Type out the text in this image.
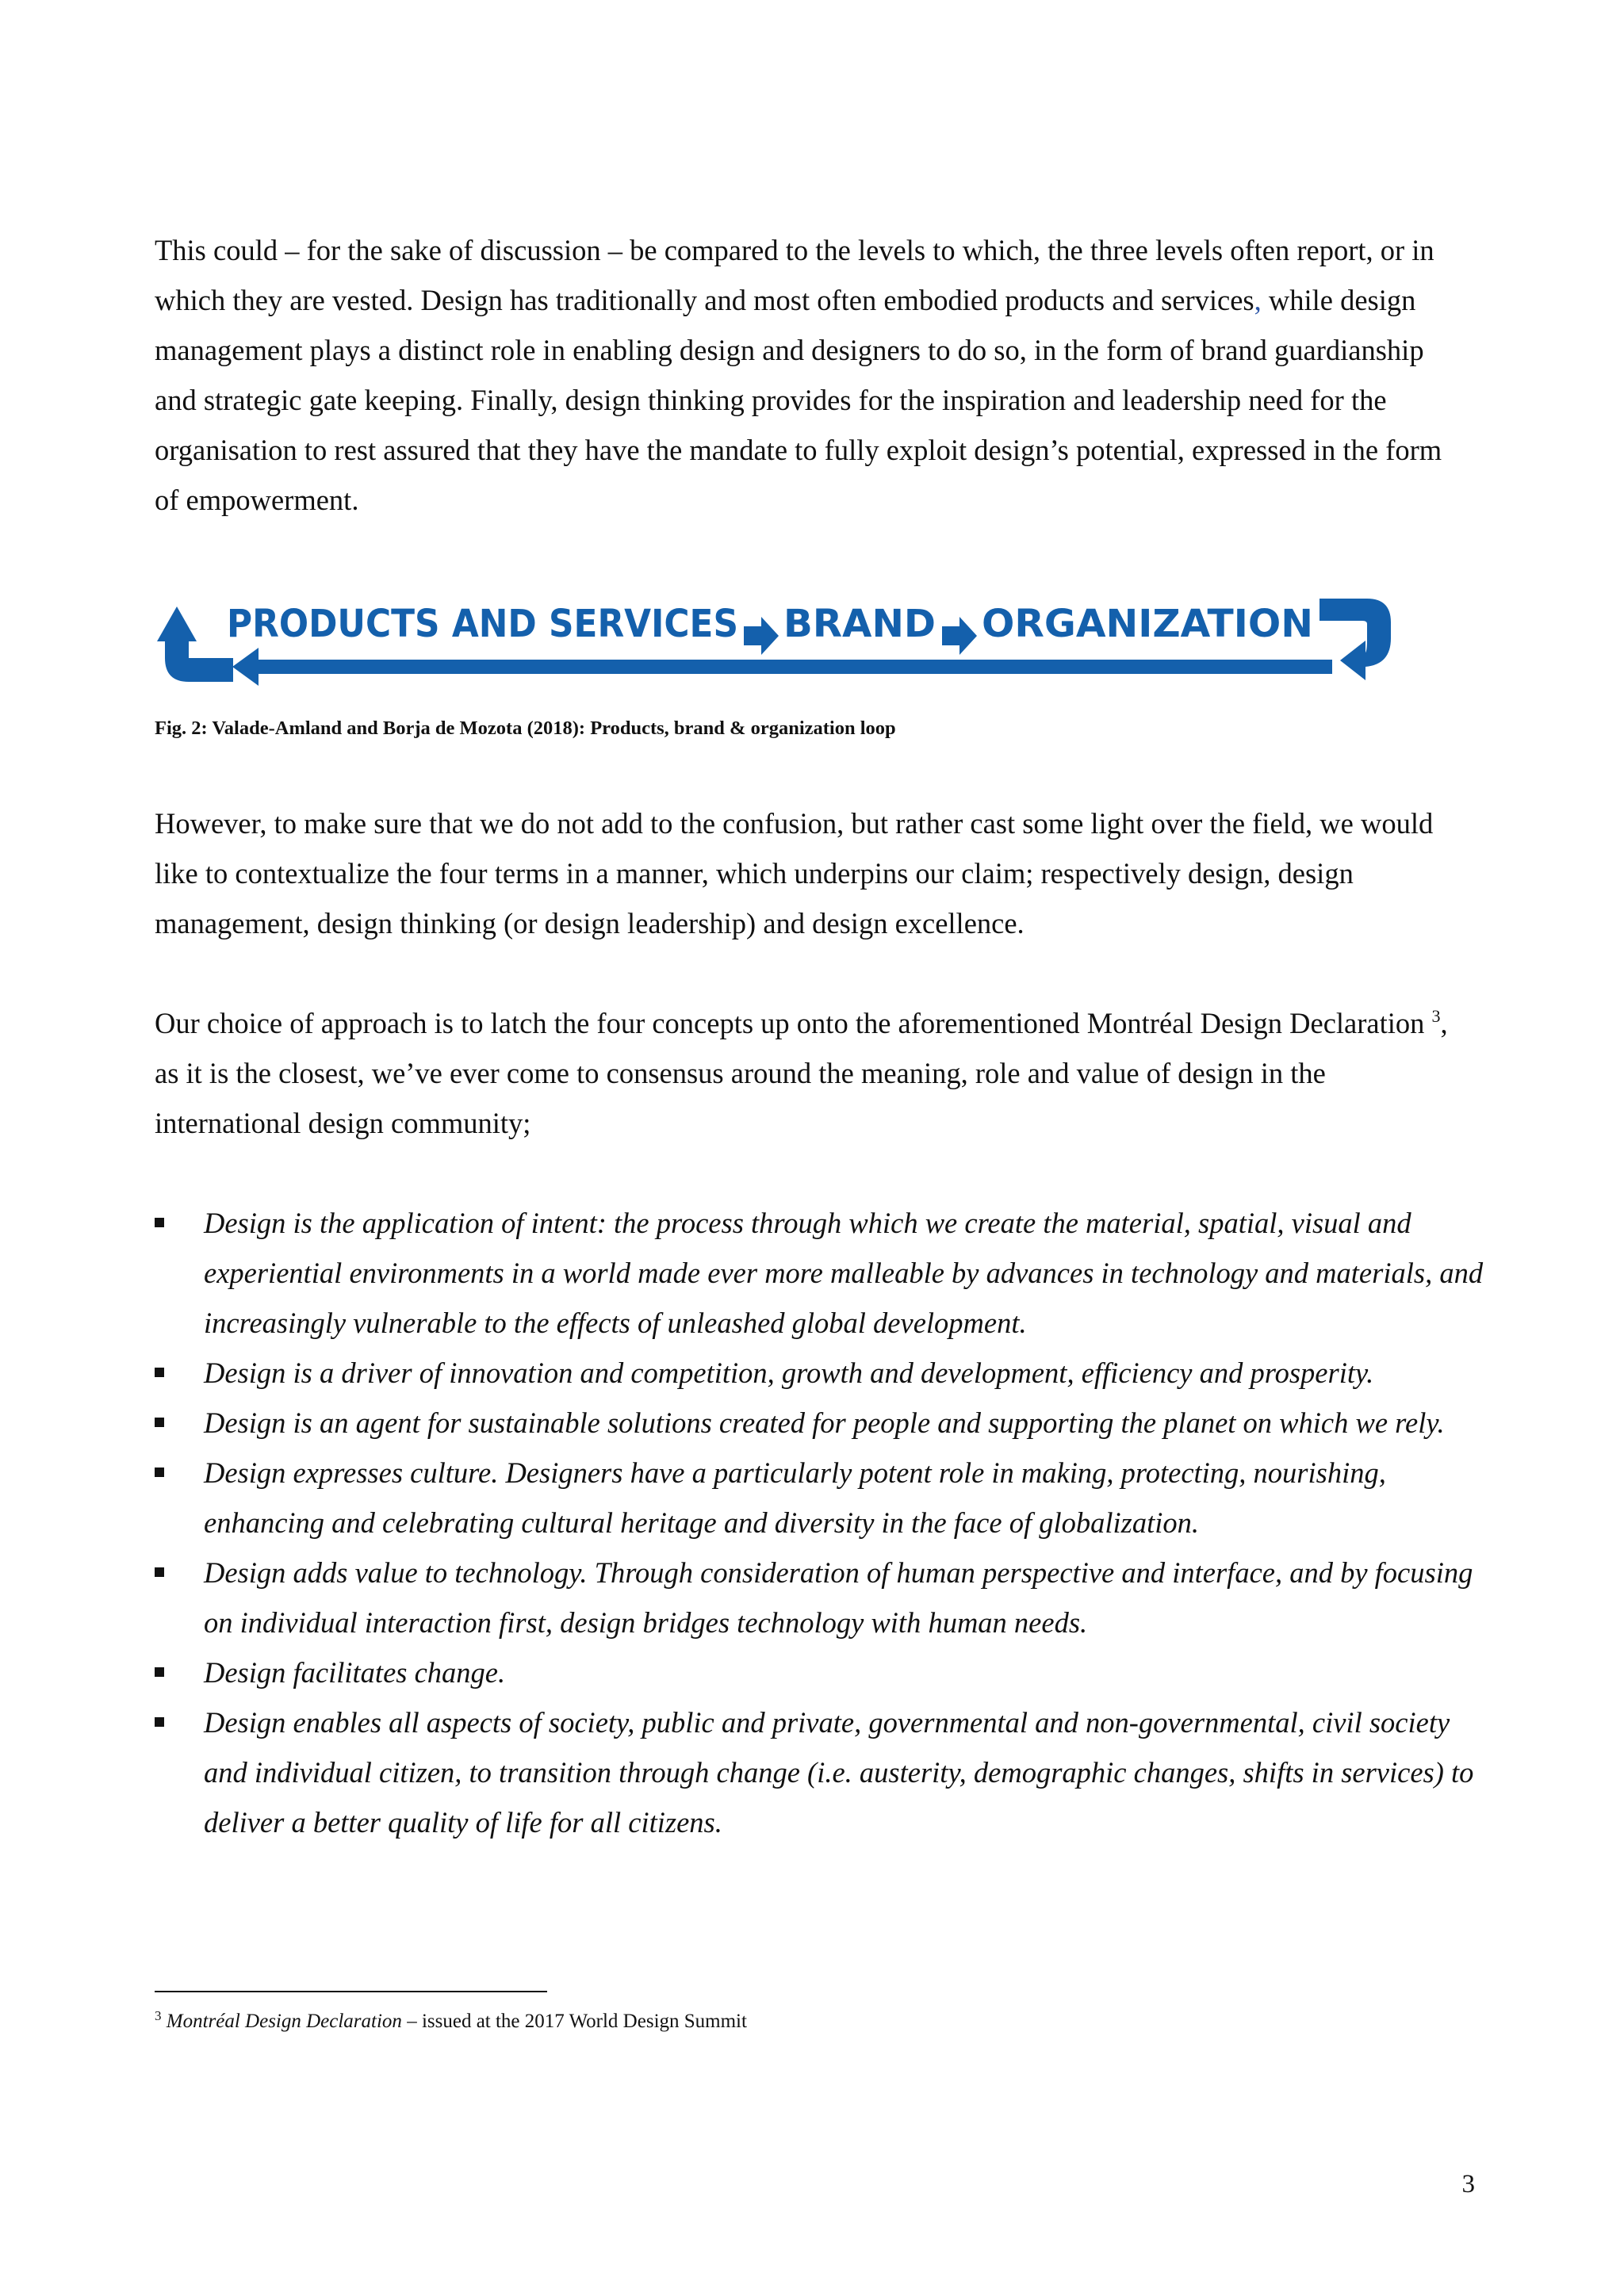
This could – for the sake of discussion – be compared to the levels to which, the three levels often report, or in which they are vested. Design has traditionally and most often embodied products and services, while design management plays a distinct role in enabling design and designers to do so, in the form of brand guardianship and strategic gate keeping. Finally, design thinking provides for the inspiration and leadership need for the organisation to rest assured that they have the mandate to fully exploit design’s potential, expressed in the form of empowerment.

PRODUCTS AND SERVICES BRAND ORGANIZATION

Fig. 2: Valade-Amland and Borja de Mozota (2018): Products, brand & organization loop

However, to make sure that we do not add to the confusion, but rather cast some light over the field, we would like to contextualize the four terms in a manner, which underpins our claim; respectively design, design management, design thinking (or design leadership) and design excellence.

Our choice of approach is to latch the four concepts up onto the aforementioned Montréal Design Declaration $^3$, as it is the closest, we’ve ever come to consensus around the meaning, role and value of design in the international design community;

Design is the application of intent: the process through which we create the material, spatial, visual and experiential environments in a world made ever more malleable by advances in technology and materials, and increasingly vulnerable to the effects of unleashed global development.
Design is a driver of innovation and competition, growth and development, efficiency and prosperity.
Design is an agent for sustainable solutions created for people and supporting the planet on which we rely.
Design expresses culture. Designers have a particularly potent role in making, protecting, nourishing, enhancing and celebrating cultural heritage and diversity in the face of globalization.
Design adds value to technology. Through consideration of human perspective and interface, and by focusing on individual interaction first, design bridges technology with human needs.
Design facilitates change.
Design enables all aspects of society, public and private, governmental and non-governmental, civil society and individual citizen, to transition through change (i.e. austerity, demographic changes, shifts in services) to deliver a better quality of life for all citizens.

$^3$ Montréal Design Declaration – issued at the 2017 World Design Summit

3
